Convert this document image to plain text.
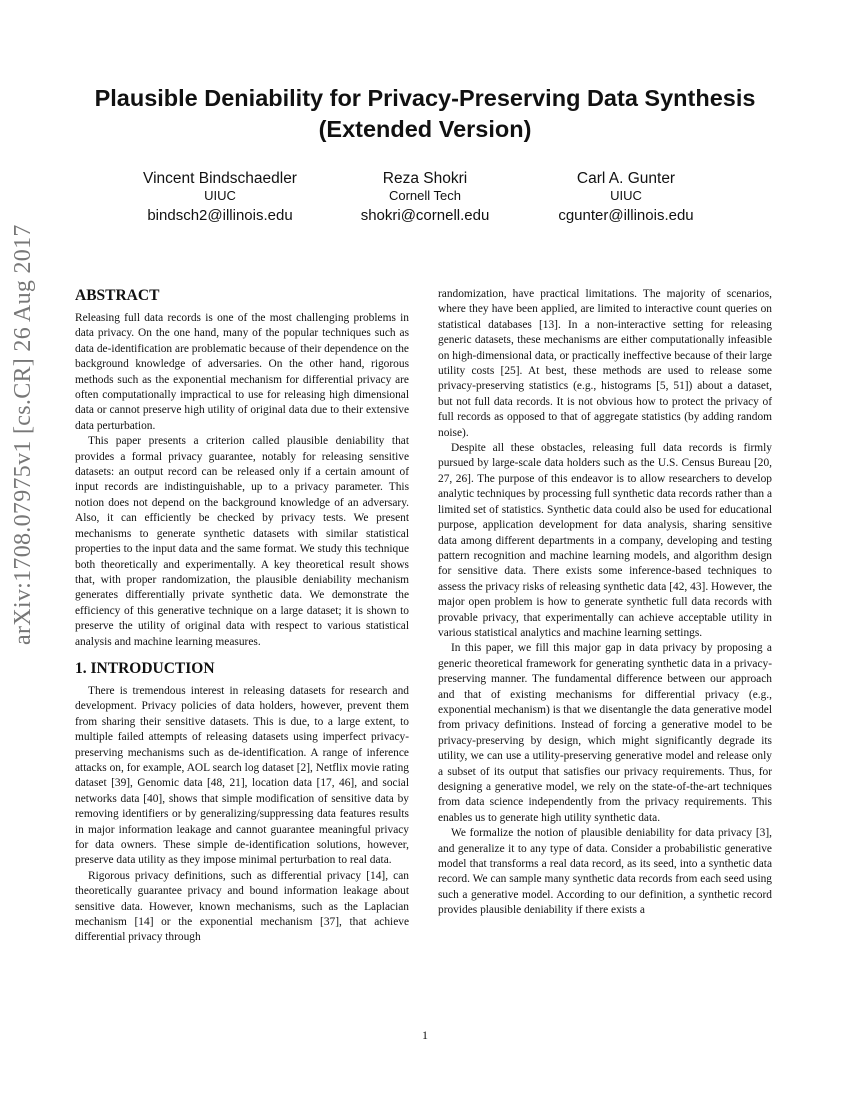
Plausible Deniability for Privacy-Preserving Data Synthesis
(Extended Version)
Vincent Bindschaedler
UIUC
bindsch2@illinois.edu
Reza Shokri
Cornell Tech
shokri@cornell.edu
Carl A. Gunter
UIUC
cgunter@illinois.edu
arXiv:1708.07975v1 [cs.CR] 26 Aug 2017	ABSTRACT

Releasing full data records is one of the most challenging problems in data privacy. On the one hand, many of the popular techniques such as data de-identification are problematic because of their dependence on the background knowledge of adversaries. On the other hand, rigorous methods such as the exponential mechanism for differential privacy are often computationally impractical to use for releasing high dimensional data or cannot preserve high utility of original data due to their extensive data perturbation.

This paper presents a criterion called plausible deniability that provides a formal privacy guarantee, notably for releasing sensitive datasets: an output record can be released only if a certain amount of input records are indistinguishable, up to a privacy parameter. This notion does not depend on the background knowledge of an adversary. Also, it can efficiently be checked by privacy tests. We present mechanisms to generate synthetic datasets with similar statistical properties to the input data and the same format. We study this technique both theoretically and experimentally. A key theoretical result shows that, with proper randomization, the plausible deniability mechanism generates differentially private synthetic data. We demonstrate the efficiency of this generative technique on a large dataset; it is shown to preserve the utility of original data with respect to various statistical analysis and machine learning measures.

1. INTRODUCTION

There is tremendous interest in releasing datasets for research and development. Privacy policies of data holders, however, prevent them from sharing their sensitive datasets. This is due, to a large extent, to multiple failed attempts of releasing datasets using imperfect privacy-preserving mechanisms such as de-identification. A range of inference attacks on, for example, AOL search log dataset [2], Netflix movie rating dataset [39], Genomic data [48, 21], location data [17, 46], and social networks data [40], shows that simple modification of sensitive data by removing identifiers or by generalizing/suppressing data features results in major information leakage and cannot guarantee meaningful privacy for data owners. These simple de-identification solutions, however, preserve data utility as they impose minimal perturbation to real data.

Rigorous privacy definitions, such as differential privacy [14], can theoretically guarantee privacy and bound information leakage about sensitive data. However, known mechanisms, such as the Laplacian mechanism [14] or the exponential mechanism [37], that achieve differential privacy through

randomization, have practical limitations. The majority of scenarios, where they have been applied, are limited to interactive count queries on statistical databases [13]. In a non-interactive setting for releasing generic datasets, these mechanisms are either computationally infeasible on high-dimensional data, or practically ineffective because of their large utility costs [25]. At best, these methods are used to release some privacy-preserving statistics (e.g., histograms [5, 51]) about a dataset, but not full data records. It is not obvious how to protect the privacy of full records as opposed to that of aggregate statistics (by adding random noise).

Despite all these obstacles, releasing full data records is firmly pursued by large-scale data holders such as the U.S. Census Bureau [20, 27, 26]. The purpose of this endeavor is to allow researchers to develop analytic techniques by processing full synthetic data records rather than a limited set of statistics. Synthetic data could also be used for educational purpose, application development for data analysis, sharing sensitive data among different departments in a company, developing and testing pattern recognition and machine learning models, and algorithm design for sensitive data. There exists some inference-based techniques to assess the privacy risks of releasing synthetic data [42, 43]. However, the major open problem is how to generate synthetic full data records with provable privacy, that experimentally can achieve acceptable utility in various statistical analytics and machine learning settings.

In this paper, we fill this major gap in data privacy by proposing a generic theoretical framework for generating synthetic data in a privacy-preserving manner. The fundamental difference between our approach and that of existing mechanisms for differential privacy (e.g., exponential mechanism) is that we disentangle the data generative model from privacy definitions. Instead of forcing a generative model to be privacy-preserving by design, which might significantly degrade its utility, we can use a utility-preserving generative model and release only a subset of its output that satisfies our privacy requirements. Thus, for designing a generative model, we rely on the state-of-the-art techniques from data science independently from the privacy requirements. This enables us to generate high utility synthetic data.

We formalize the notion of plausible deniability for data privacy [3], and generalize it to any type of data. Consider a probabilistic generative model that transforms a real data record, as its seed, into a synthetic data record. We can sample many synthetic data records from each seed using such a generative model. According to our definition, a synthetic record provides plausible deniability if there exists a

1
